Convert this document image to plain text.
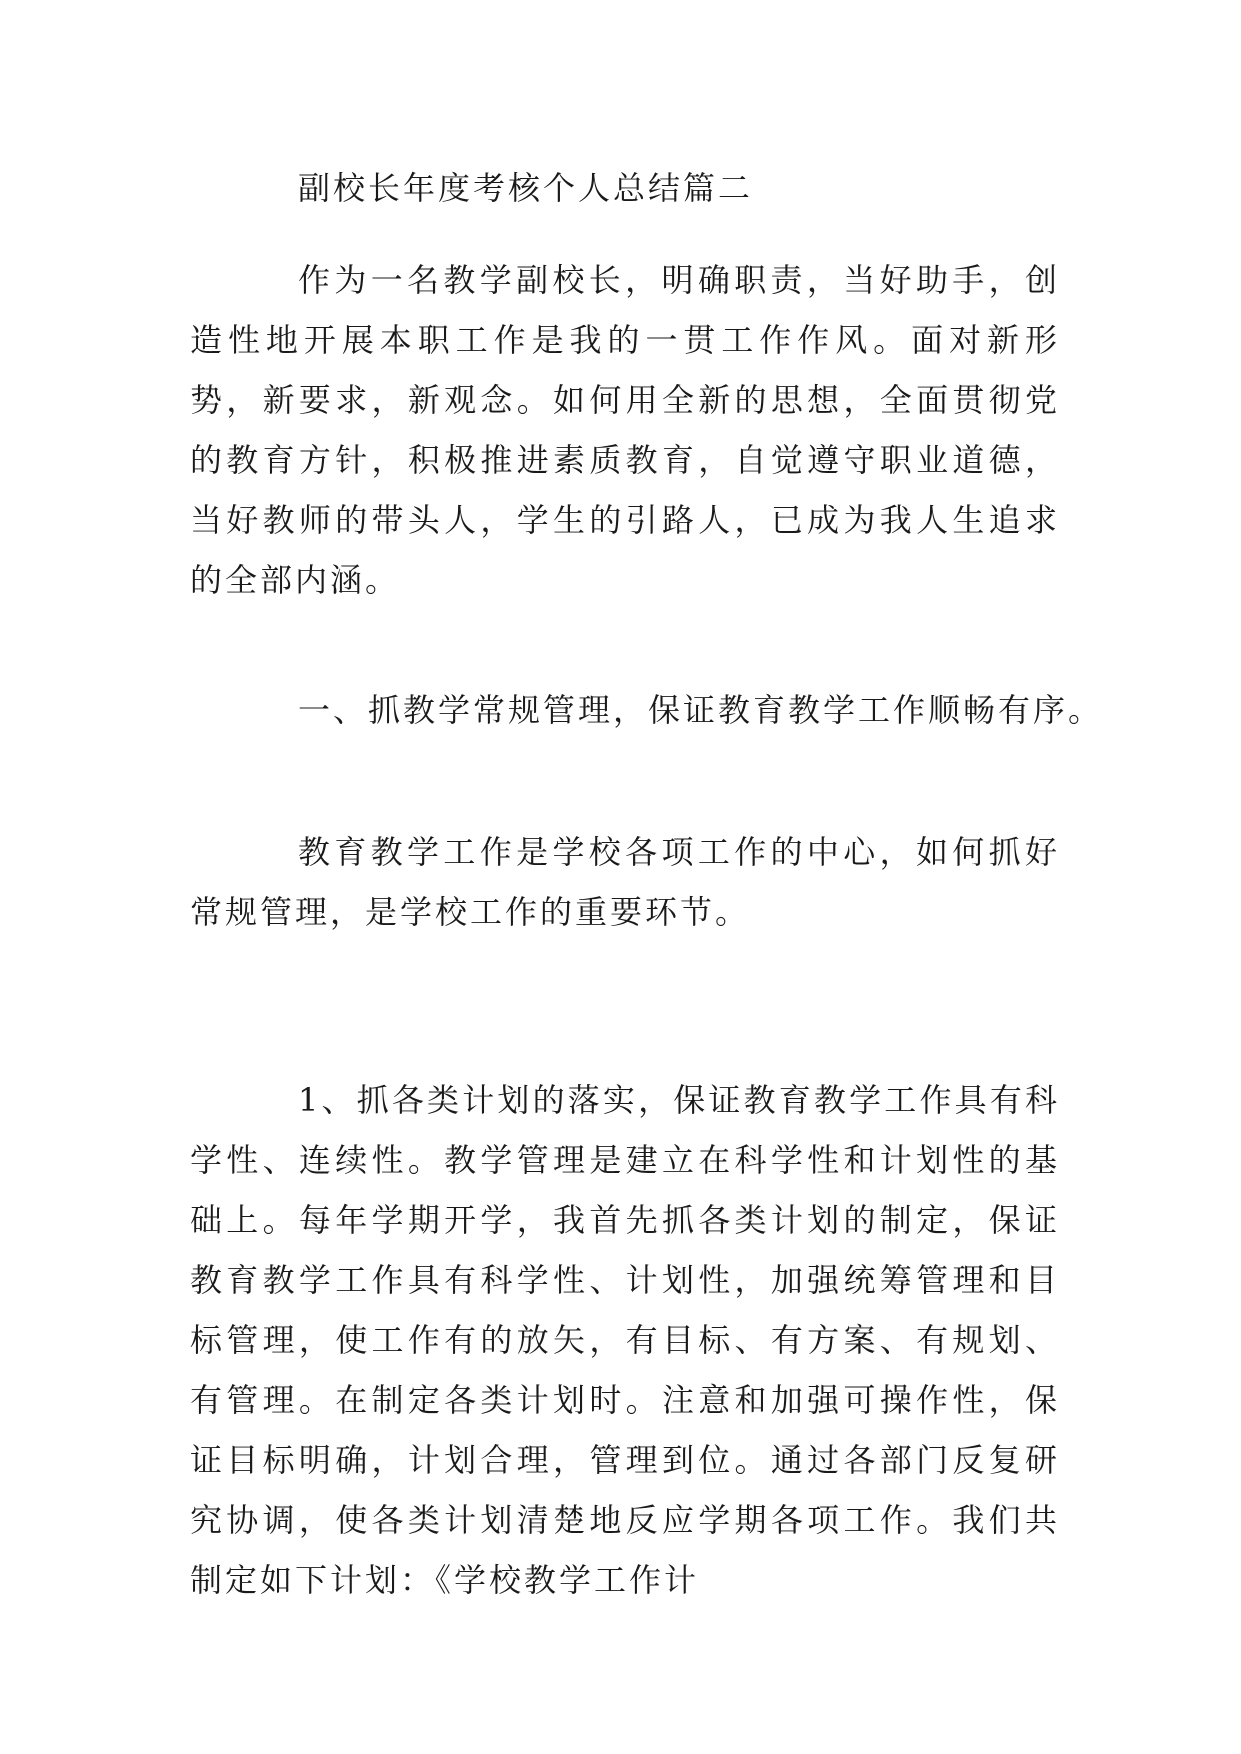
副校长年度考核个人总结篇二

作为一名教学副校长，明确职责，当好助手，创造性地开展本职工作是我的一贯工作作风。面对新形势，新要求，新观念。如何用全新的思想，全面贯彻党的教育方针，积极推进素质教育，自觉遵守职业道德，当好教师的带头人，学生的引路人，已成为我人生追求的全部内涵。

一、抓教学常规管理，保证教育教学工作顺畅有序。

教育教学工作是学校各项工作的中心，如何抓好常规管理，是学校工作的重要环节。

1、抓各类计划的落实，保证教育教学工作具有科学性、连续性。教学管理是建立在科学性和计划性的基础上。每年学期开学，我首先抓各类计划的制定，保证教育教学工作具有科学性、计划性，加强统筹管理和目标管理，使工作有的放矢，有目标、有方案、有规划、有管理。在制定各类计划时。注意和加强可操作性，保证目标明确，计划合理，管理到位。通过各部门反复研究协调，使各类计划清楚地反应学期各项工作。我们共制定如下计划：《学校教学工作计
